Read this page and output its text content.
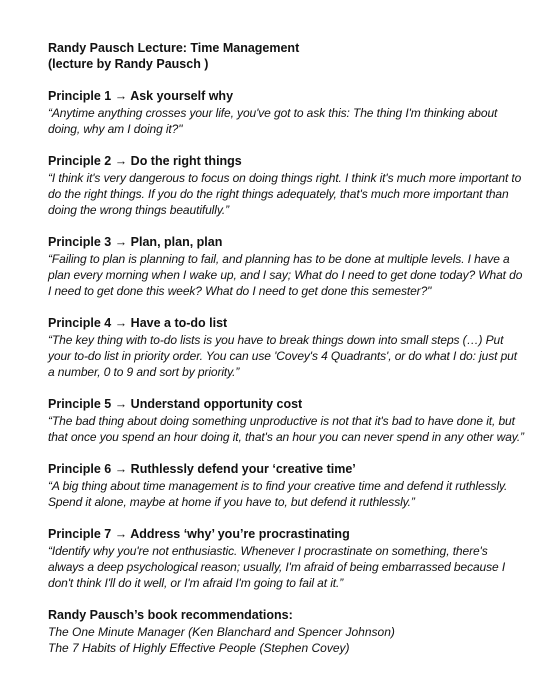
Randy Pausch Lecture: Time Management
(lecture by Randy Pausch )
Principle 1 → Ask yourself why
“Anytime anything crosses your life, you've got to ask this: The thing I'm thinking about doing, why am I doing it?"
Principle 2 → Do the right things
“I think it's very dangerous to focus on doing things right. I think it's much more important to do the right things. If you do the right things adequately, that's much more important than doing the wrong things beautifully.”
Principle 3 → Plan, plan, plan
“Failing to plan is planning to fail, and planning has to be done at multiple levels. I have a plan every morning when I wake up, and I say; What do I need to get done today? What do I need to get done this week? What do I need to get done this semester?"
Principle 4 → Have a to-do list
“The key thing with to-do lists is you have to break things down into small steps (…) Put your to-do list in priority order. You can use 'Covey's 4 Quadrants', or do what I do: just put a number, 0 to 9 and sort by priority.”
Principle 5 → Understand opportunity cost
“The bad thing about doing something unproductive is not that it's bad to have done it, but that once you spend an hour doing it, that's an hour you can never spend in any other way.”
Principle 6 → Ruthlessly defend your ‘creative time’
“A big thing about time management is to find your creative time and defend it ruthlessly. Spend it alone, maybe at home if you have to, but defend it ruthlessly.”
Principle 7 → Address ‘why’ you’re procrastinating
“Identify why you're not enthusiastic. Whenever I procrastinate on something, there's always a deep psychological reason; usually, I'm afraid of being embarrassed because I don't think I'll do it well, or I'm afraid I'm going to fail at it.”
Randy Pausch’s book recommendations:
The One Minute Manager (Ken Blanchard and Spencer Johnson)
The 7 Habits of Highly Effective People (Stephen Covey)
